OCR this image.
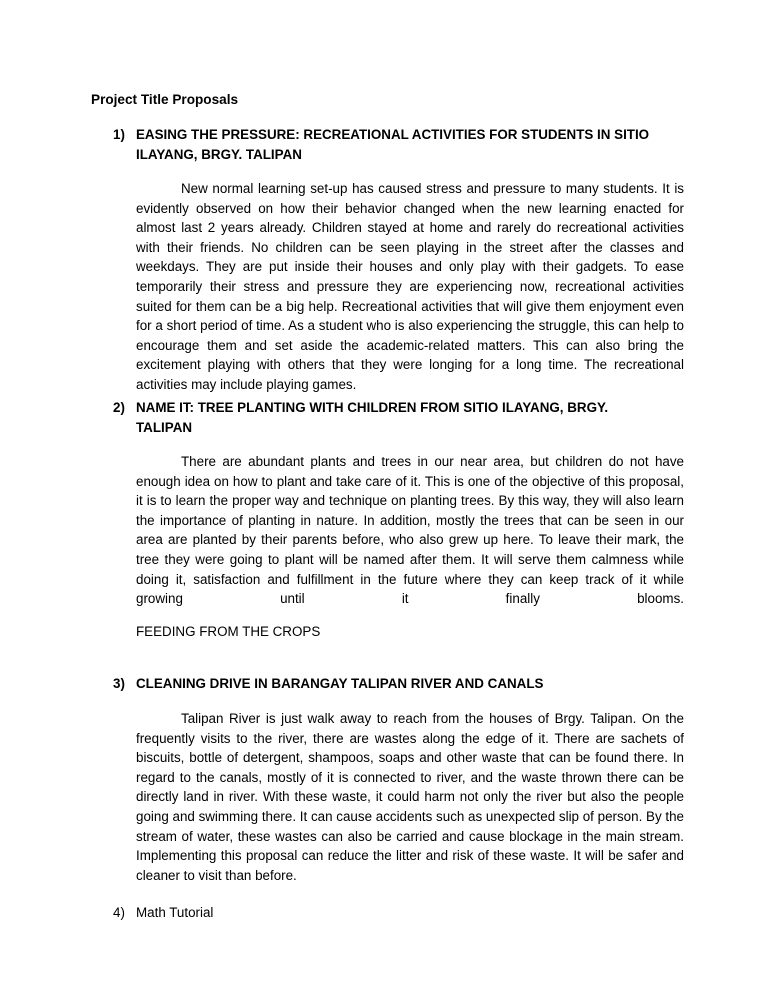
Project Title Proposals
1) EASING THE PRESSURE: RECREATIONAL ACTIVITIES FOR STUDENTS IN SITIO
ILAYANG, BRGY. TALIPAN
New normal learning set-up has caused stress and pressure to many students. It is evidently observed on how their behavior changed when the new learning enacted for almost last 2 years already. Children stayed at home and rarely do recreational activities with their friends. No children can be seen playing in the street after the classes and weekdays. They are put inside their houses and only play with their gadgets. To ease temporarily their stress and pressure they are experiencing now, recreational activities suited for them can be a big help. Recreational activities that will give them enjoyment even for a short period of time. As a student who is also experiencing the struggle, this can help to encourage them and set aside the academic-related matters. This can also bring the excitement playing with others that they were longing for a long time. The recreational activities may include playing games.
2) NAME IT: TREE PLANTING WITH CHILDREN FROM SITIO ILAYANG, BRGY.
TALIPAN
There are abundant plants and trees in our near area, but children do not have enough idea on how to plant and take care of it. This is one of the objective of this proposal, it is to learn the proper way and technique on planting trees. By this way, they will also learn the importance of planting in nature. In addition, mostly the trees that can be seen in our area are planted by their parents before, who also grew up here. To leave their mark, the tree they were going to plant will be named after them. It will serve them calmness while doing it, satisfaction and fulfillment in the future where they can keep track of it while growing until it finally blooms.
FEEDING FROM THE CROPS
3) CLEANING DRIVE IN BARANGAY TALIPAN RIVER AND CANALS
Talipan River is just walk away to reach from the houses of Brgy. Talipan. On the frequently visits to the river, there are wastes along the edge of it. There are sachets of biscuits, bottle of detergent, shampoos, soaps and other waste that can be found there. In regard to the canals, mostly of it is connected to river, and the waste thrown there can be directly land in river. With these waste, it could harm not only the river but also the people going and swimming there. It can cause accidents such as unexpected slip of person. By the stream of water, these wastes can also be carried and cause blockage in the main stream. Implementing this proposal can reduce the litter and risk of these waste. It will be safer and cleaner to visit than before.
4) Math Tutorial
